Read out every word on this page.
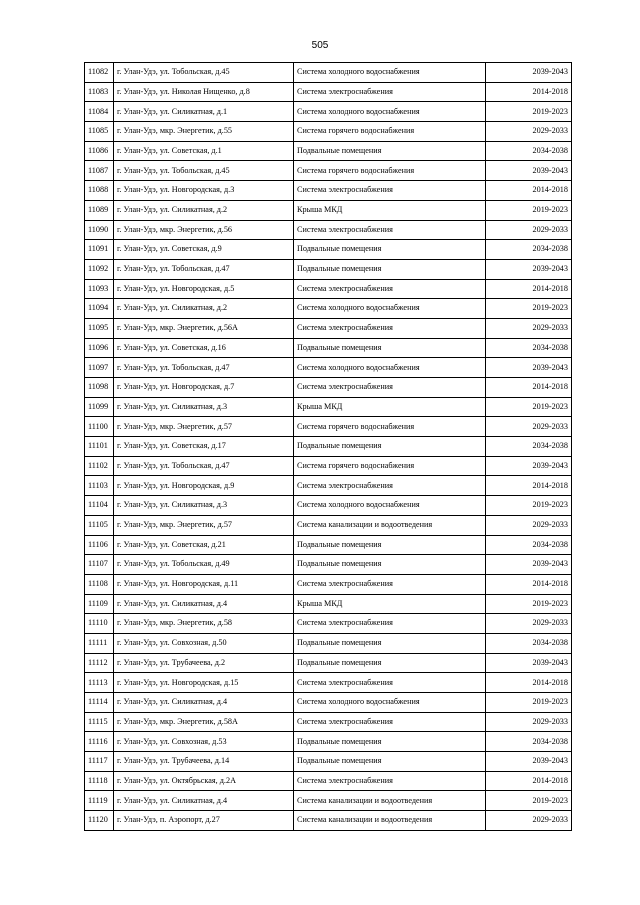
505
11082	г. Улан-Удэ, ул. Тобольская, д.45	Система холодного водоснабжения	2039-2043
11083	г. Улан-Удэ, ул. Николая Нищенко, д.8	Система электроснабжения	2014-2018
11084	г. Улан-Удэ, ул. Силикатная, д.1	Система холодного водоснабжения	2019-2023
11085	г. Улан-Удэ, мкр. Энергетик, д.55	Система горячего водоснабжения	2029-2033
11086	г. Улан-Удэ, ул. Советская, д.1	Подвальные помещения	2034-2038
11087	г. Улан-Удэ, ул. Тобольская, д.45	Система горячего водоснабжения	2039-2043
11088	г. Улан-Удэ, ул. Новгородская, д.3	Система электроснабжения	2014-2018
11089	г. Улан-Удэ, ул. Силикатная, д.2	Крыша МКД	2019-2023
11090	г. Улан-Удэ, мкр. Энергетик, д.56	Система электроснабжения	2029-2033
11091	г. Улан-Удэ, ул. Советская, д.9	Подвальные помещения	2034-2038
11092	г. Улан-Удэ, ул. Тобольская, д.47	Подвальные помещения	2039-2043
11093	г. Улан-Удэ, ул. Новгородская, д.5	Система электроснабжения	2014-2018
11094	г. Улан-Удэ, ул. Силикатная, д.2	Система холодного водоснабжения	2019-2023
11095	г. Улан-Удэ, мкр. Энергетик, д.56А	Система электроснабжения	2029-2033
11096	г. Улан-Удэ, ул. Советская, д.16	Подвальные помещения	2034-2038
11097	г. Улан-Удэ, ул. Тобольская, д.47	Система холодного водоснабжения	2039-2043
11098	г. Улан-Удэ, ул. Новгородская, д.7	Система электроснабжения	2014-2018
11099	г. Улан-Удэ, ул. Силикатная, д.3	Крыша МКД	2019-2023
11100	г. Улан-Удэ, мкр. Энергетик, д.57	Система горячего водоснабжения	2029-2033
11101	г. Улан-Удэ, ул. Советская, д.17	Подвальные помещения	2034-2038
11102	г. Улан-Удэ, ул. Тобольская, д.47	Система горячего водоснабжения	2039-2043
11103	г. Улан-Удэ, ул. Новгородская, д.9	Система электроснабжения	2014-2018
11104	г. Улан-Удэ, ул. Силикатная, д.3	Система холодного водоснабжения	2019-2023
11105	г. Улан-Удэ, мкр. Энергетик, д.57	Система канализации и водоотведения	2029-2033
11106	г. Улан-Удэ, ул. Советская, д.21	Подвальные помещения	2034-2038
11107	г. Улан-Удэ, ул. Тобольская, д.49	Подвальные помещения	2039-2043
11108	г. Улан-Удэ, ул. Новгородская, д.11	Система электроснабжения	2014-2018
11109	г. Улан-Удэ, ул. Силикатная, д.4	Крыша МКД	2019-2023
11110	г. Улан-Удэ, мкр. Энергетик, д.58	Система электроснабжения	2029-2033
11111	г. Улан-Удэ, ул. Совхозная, д.50	Подвальные помещения	2034-2038
11112	г. Улан-Удэ, ул. Трубачеева, д.2	Подвальные помещения	2039-2043
11113	г. Улан-Удэ, ул. Новгородская, д.15	Система электроснабжения	2014-2018
11114	г. Улан-Удэ, ул. Силикатная, д.4	Система холодного водоснабжения	2019-2023
11115	г. Улан-Удэ, мкр. Энергетик, д.58А	Система электроснабжения	2029-2033
11116	г. Улан-Удэ, ул. Совхозная, д.53	Подвальные помещения	2034-2038
11117	г. Улан-Удэ, ул. Трубачеева, д.14	Подвальные помещения	2039-2043
11118	г. Улан-Удэ, ул. Октябрьская, д.2А	Система электроснабжения	2014-2018
11119	г. Улан-Удэ, ул. Силикатная, д.4	Система канализации и водоотведения	2019-2023
11120	г. Улан-Удэ, п. Аэропорт, д.27	Система канализации и водоотведения	2029-2033
